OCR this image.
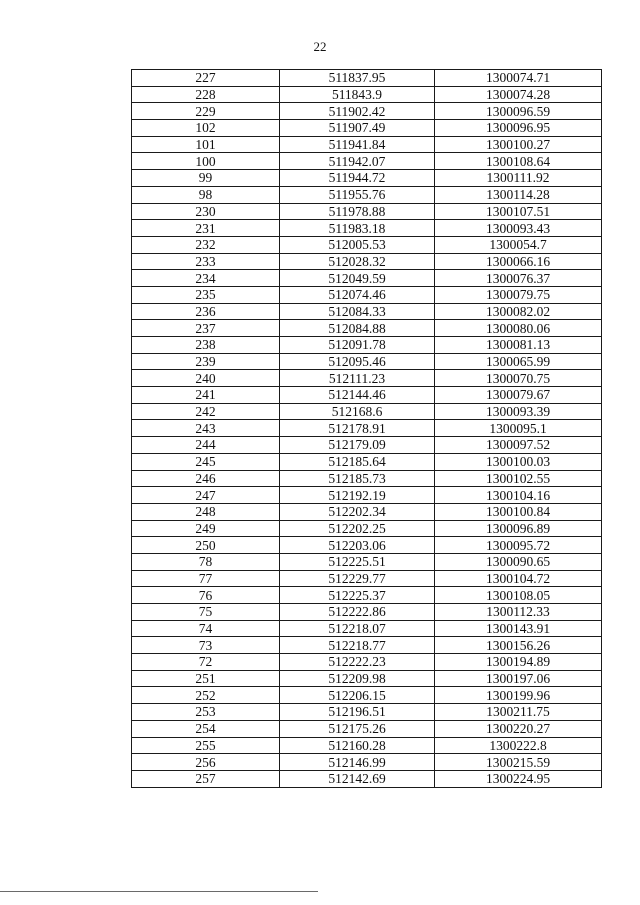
22
227	511837.95	1300074.71
228	511843.9	1300074.28
229	511902.42	1300096.59
102	511907.49	1300096.95
101	511941.84	1300100.27
100	511942.07	1300108.64
99	511944.72	1300111.92
98	511955.76	1300114.28
230	511978.88	1300107.51
231	511983.18	1300093.43
232	512005.53	1300054.7
233	512028.32	1300066.16
234	512049.59	1300076.37
235	512074.46	1300079.75
236	512084.33	1300082.02
237	512084.88	1300080.06
238	512091.78	1300081.13
239	512095.46	1300065.99
240	512111.23	1300070.75
241	512144.46	1300079.67
242	512168.6	1300093.39
243	512178.91	1300095.1
244	512179.09	1300097.52
245	512185.64	1300100.03
246	512185.73	1300102.55
247	512192.19	1300104.16
248	512202.34	1300100.84
249	512202.25	1300096.89
250	512203.06	1300095.72
78	512225.51	1300090.65
77	512229.77	1300104.72
76	512225.37	1300108.05
75	512222.86	1300112.33
74	512218.07	1300143.91
73	512218.77	1300156.26
72	512222.23	1300194.89
251	512209.98	1300197.06
252	512206.15	1300199.96
253	512196.51	1300211.75
254	512175.26	1300220.27
255	512160.28	1300222.8
256	512146.99	1300215.59
257	512142.69	1300224.95
